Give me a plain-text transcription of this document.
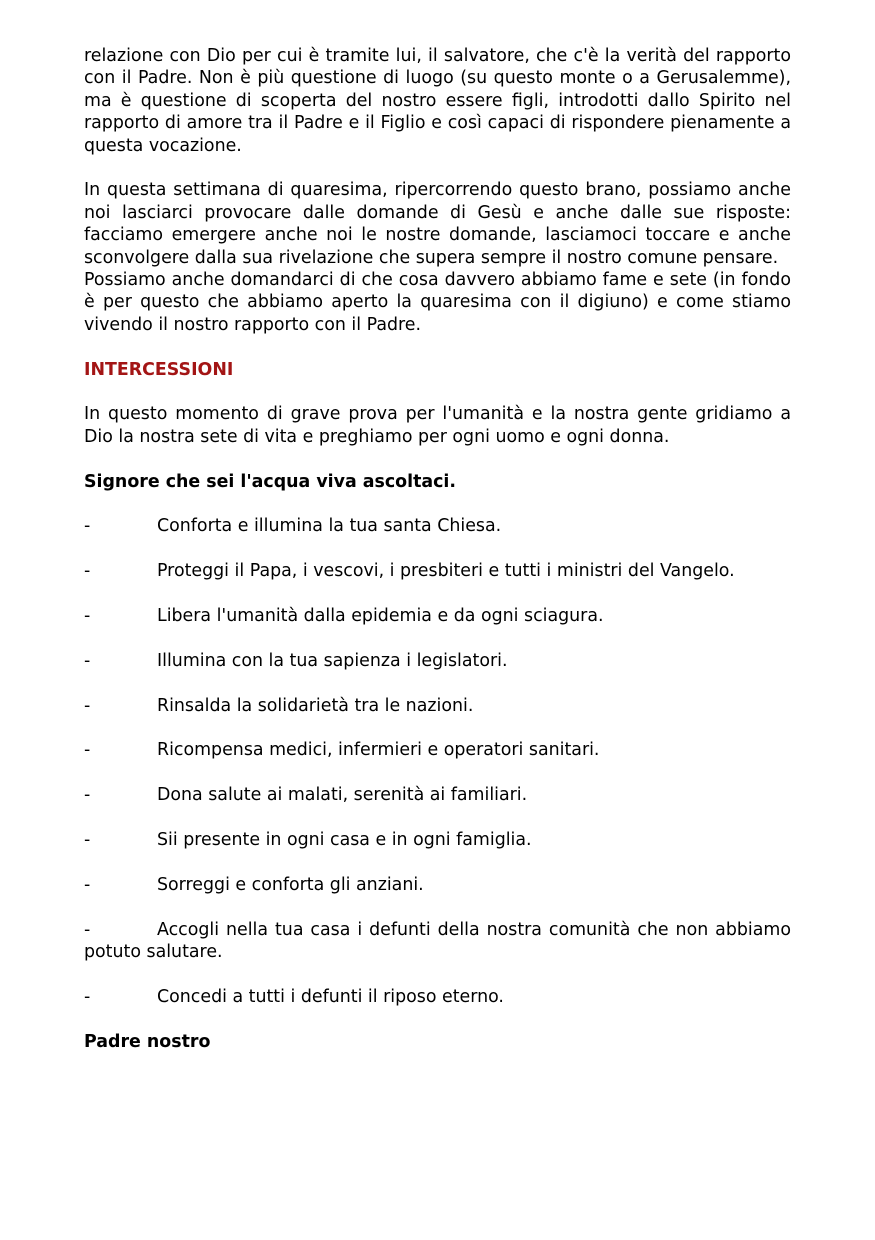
relazione con Dio per cui è tramite lui, il salvatore, che c'è la verità del rapporto con il Padre. Non è più questione di luogo (su questo monte o a Gerusalemme), ma è questione di scoperta del nostro essere figli, introdotti dallo Spirito nel rapporto di amore tra il Padre e il Figlio e così capaci di rispondere pienamente a questa vocazione.

In questa settimana di quaresima, ripercorrendo questo brano, possiamo anche noi lasciarci provocare dalle domande di Gesù e anche dalle sue risposte: facciamo emergere anche noi le nostre domande, lasciamoci toccare e anche sconvolgere dalla sua rivelazione che supera sempre il nostro comune pensare.

Possiamo anche domandarci di che cosa davvero abbiamo fame e sete (in fondo è per questo che abbiamo aperto la quaresima con il digiuno) e come stiamo vivendo il nostro rapporto con il Padre.

INTERCESSIONI

In questo momento di grave prova per l'umanità e la nostra gente gridiamo a Dio la nostra sete di vita e preghiamo per ogni uomo e ogni donna.

Signore che sei l'acqua viva ascoltaci.

-	Conforta e illumina la tua santa Chiesa.
-	Proteggi il Papa, i vescovi, i presbiteri e tutti i ministri del Vangelo.
-	Libera l'umanità dalla epidemia e da ogni sciagura.
-	Illumina con la tua sapienza i legislatori.
-	Rinsalda la solidarietà tra le nazioni.
-	Ricompensa medici, infermieri e operatori sanitari.
-	Dona salute ai malati, serenità ai familiari.
-	Sii presente in ogni casa e in ogni famiglia.
-	Sorreggi e conforta gli anziani.
-	Accogli nella tua casa i defunti della nostra comunità che non abbiamo potuto salutare.
-	Concedi a tutti i defunti il riposo eterno.

Padre nostro
